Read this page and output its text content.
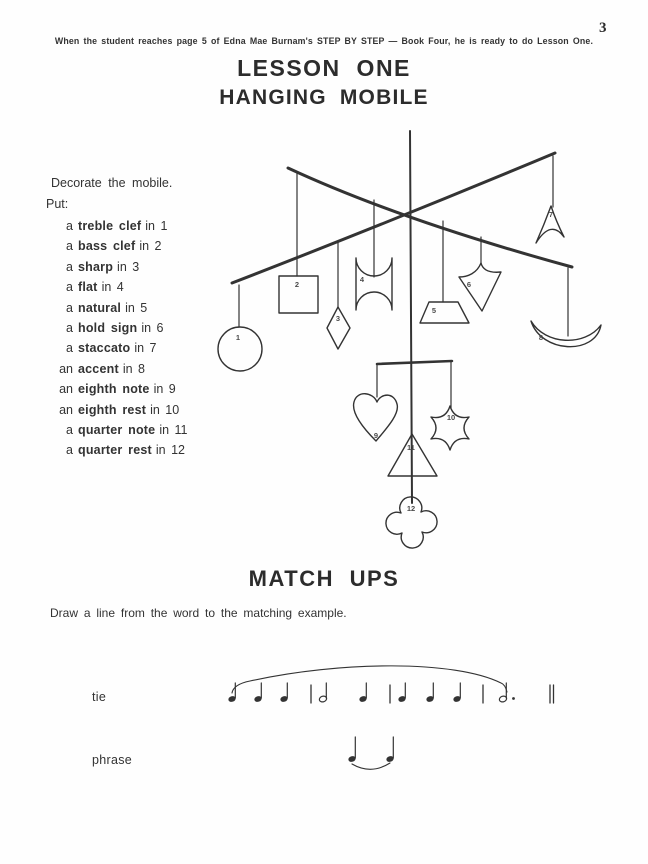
1
2
3
4
5
6
7
8
9
10
11
12
When the student reaches page 5 of Edna Mae Burnam's STEP BY STEP — Book Four, he is ready to do Lesson One.
3
LESSON ONE
HANGING MOBILE
Decorate the mobile.
Put:
a treble clef in 1
a bass clef in 2
a sharp in 3
a flat in 4
a natural in 5
a hold sign in 6
a staccato in 7
an accent in 8
an eighth note in 9
an eighth rest in 10
a quarter note in 11
a quarter rest in 12
MATCH UPS
Draw a line from the word to the matching example.
tie
phrase
